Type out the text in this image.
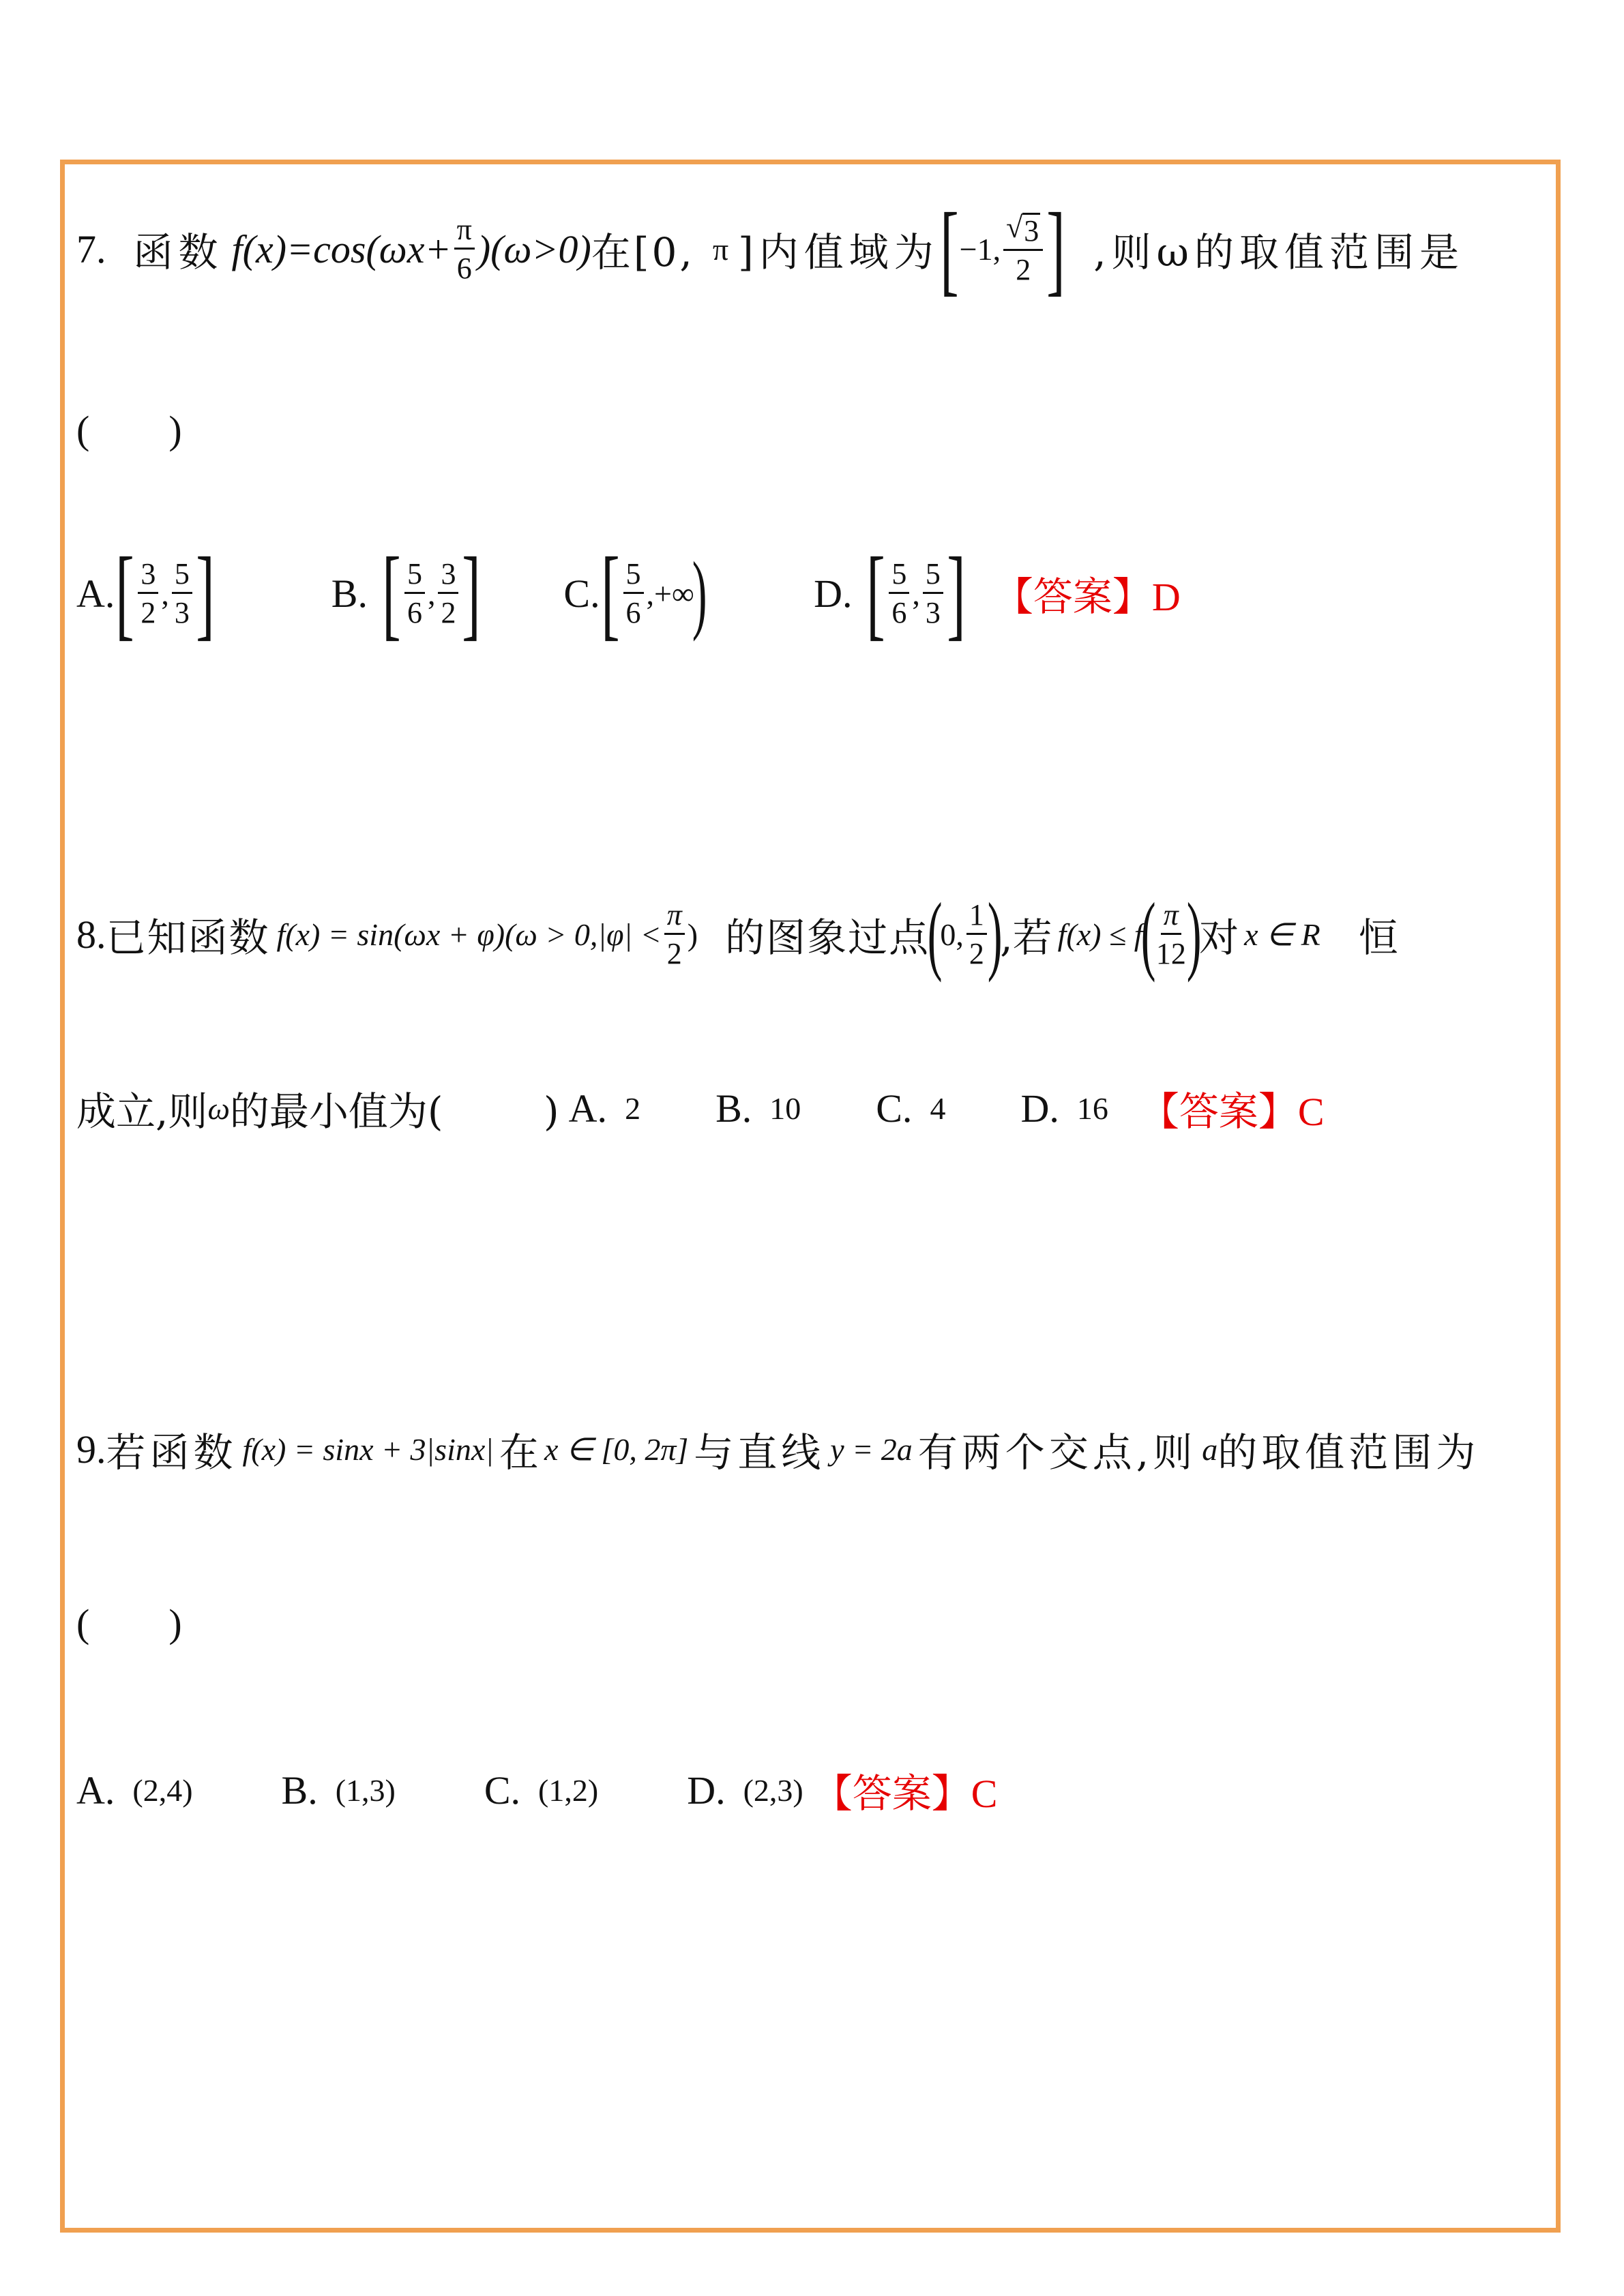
7. 函数 $f(x)=\cos(\omega x+ \frac{\pi}{6} )(\omega>0)$ 在[0, π ]内值域为 [ −1, $\frac{√ 3}{2}$ ] ,则ω的取值范围是
(        )
A. [ $\frac{3}{2}$ , $\frac{5}{3}$ ]	B. [ $\frac{5}{6}$ , $\frac{3}{2}$ ] C. [ $\frac{5}{6}$ ,+∞
)	D. [ $\frac{5}{6}$ , $\frac{5}{3}$ ] 【答案】D
8. 已知函数 $f(x) = \sin(\omega x + \varphi)(\omega > 0,|\varphi| < \frac{\pi}{2}$ ) 的图象过点
(
0, $\frac{1}{2}$ )
,若 f(x) ≤ f
( $\frac{\pi}{12}$ )
对 x ∈ R 恒
成立,则 ω 的最小值为(        ) A. 2 B. 10 C. 4 D. 16 【答案】C
9. 若函数 f(x) = sinx + 3|sinx| 在 x ∈ [0, 2π] 与直线 y = 2a 有两个交点,则 a 的取值范围为
(        )
A. (2,4) B. (1,3) C. (1,2) D. (2,3) 【答案】C
